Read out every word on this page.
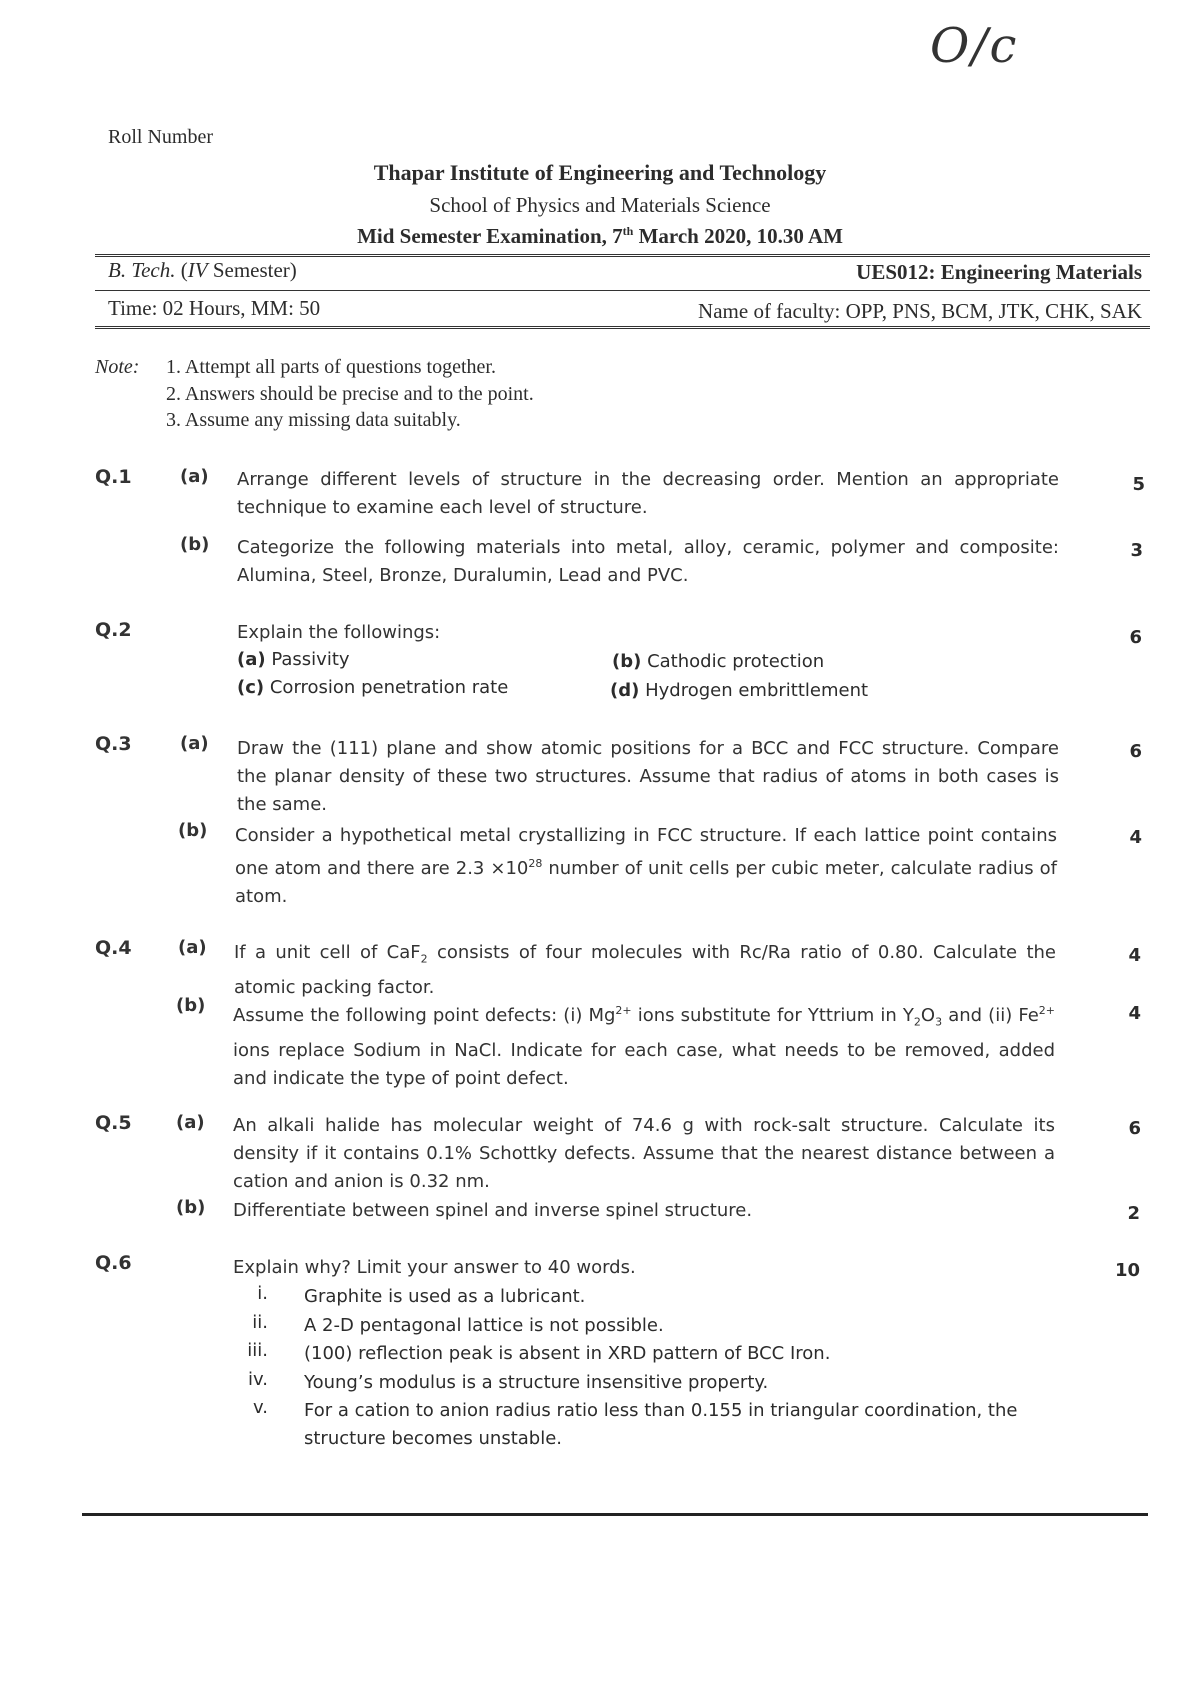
O/c
Roll Number
Thapar Institute of Engineering and Technology
School of Physics and Materials Science
Mid Semester Examination, 7th March 2020, 10.30 AM
B. Tech. (IV Semester)	UES012: Engineering Materials
Time: 02 Hours, MM: 50	Name of faculty: OPP, PNS, BCM, JTK, CHK, SAK
Note: 1. Attempt all parts of questions together.
2. Answers should be precise and to the point.
3. Assume any missing data suitably.
Q.1	(a) Arrange different levels of structure in the decreasing order. Mention an appropriate technique to examine each level of structure.
5
(b) Categorize the following materials into metal, alloy, ceramic, polymer and composite: Alumina, Steel, Bronze, Duralumin, Lead and PVC.
3
Q.2	Explain the followings:	6
(a) Passivity	(b) Cathodic protection
(c) Corrosion penetration rate	(d) Hydrogen embrittlement
Q.3	(a) Draw the (111) plane and show atomic positions for a BCC and FCC structure. Compare the planar density of these two structures. Assume that radius of atoms in both cases is the same.
6
(b) Consider a hypothetical metal crystallizing in FCC structure. If each lattice point contains one atom and there are $2.3 \times 10^{28}$ number of unit cells per cubic meter, calculate radius of atom.
4
Q.4	(a) If a unit cell of CaF$_2$ consists of four molecules with Rc/Ra ratio of 0.80. Calculate the atomic packing factor.
4
(b) Assume the following point defects: (i) $Mg^{2+}$ ions substitute for Yttrium in $Y_2O_3$ and (ii) $Fe^{2+}$ ions replace Sodium in NaCl. Indicate for each case, what needs to be removed, added and indicate the type of point defect.
4
Q.5 (a) An alkali halide has molecular weight of 74.6 g with rock-salt structure. Calculate its density if it contains 0.1% Schottky defects. Assume that the nearest distance between a cation and anion is 0.32 nm.
6
(b) Differentiate between spinel and inverse spinel structure.	2
Q.6	Explain why? Limit your answer to 40 words.	10
i. Graphite is used as a lubricant.
ii. A 2-D pentagonal lattice is not possible.
iii. (100) reflection peak is absent in XRD pattern of BCC Iron.
iv. Young’s modulus is a structure insensitive property.
v. For a cation to anion radius ratio less than 0.155 in triangular coordination, the structure becomes unstable.
